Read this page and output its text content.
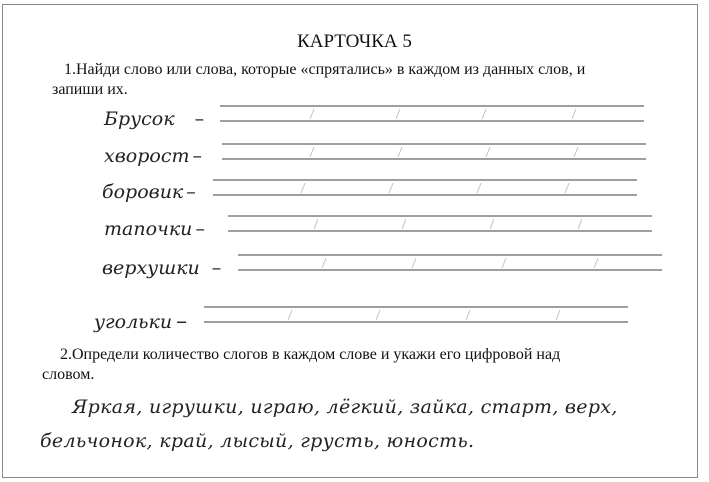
КАРТОЧКА 5
1.Найди слово или слова, которые «спрятались» в каждом из данных слов, и
запиши их.
Брусок –
хворост –
боровик –
тапочки –
верхушки –
угольки –
2.Определи количество слогов в каждом слове и укажи его цифровой над
словом.
Яркая, игрушки, играю, лёгкий, зайка, старт, верх,
бельчонок, край, лысый, грусть, юность.
